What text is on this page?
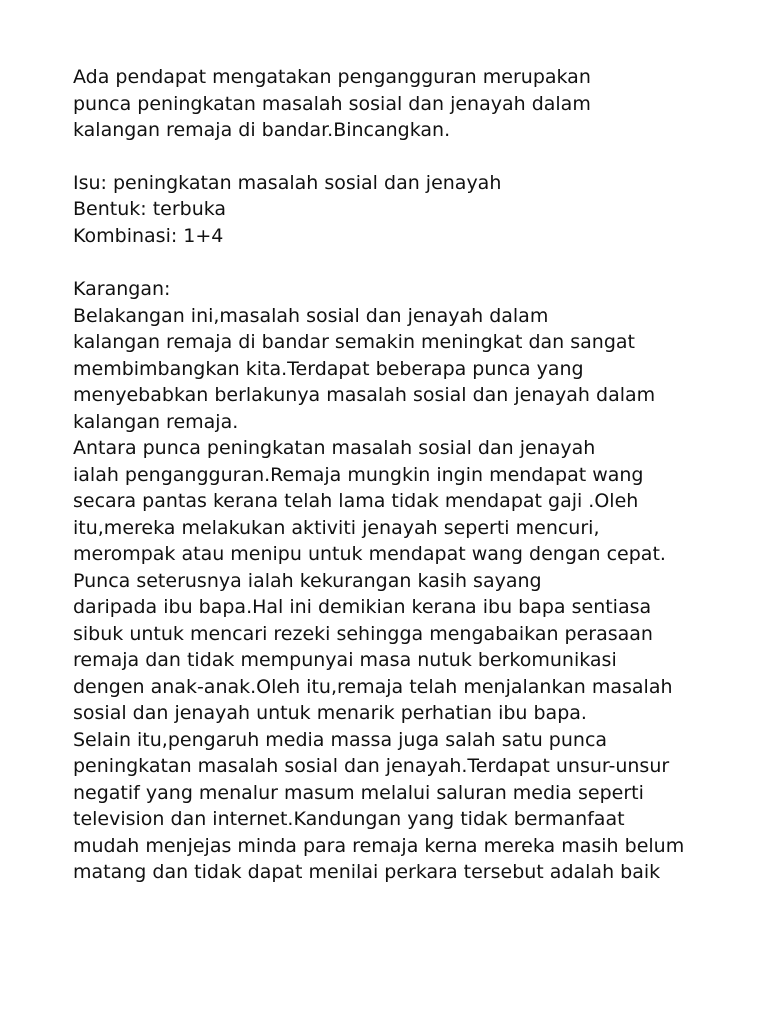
Ada pendapat mengatakan pengangguran merupakan
punca peningkatan masalah sosial dan jenayah dalam
kalangan remaja di bandar.Bincangkan.

Isu: peningkatan masalah sosial dan jenayah
Bentuk: terbuka
Kombinasi: 1+4

Karangan:

Belakangan ini,masalah sosial dan jenayah dalam
kalangan remaja di bandar semakin meningkat dan sangat
membimbangkan kita.Terdapat beberapa punca yang
menyebabkan berlakunya masalah sosial dan jenayah dalam
kalangan remaja.

Antara punca peningkatan masalah sosial dan jenayah
ialah pengangguran.Remaja mungkin ingin mendapat wang
secara pantas kerana telah lama tidak mendapat gaji .Oleh
itu,mereka melakukan aktiviti jenayah seperti mencuri,
merompak atau menipu untuk mendapat wang dengan cepat.

Punca seterusnya ialah kekurangan kasih sayang
daripada ibu bapa.Hal ini demikian kerana ibu bapa sentiasa
sibuk untuk mencari rezeki sehingga mengabaikan perasaan
remaja dan tidak mempunyai masa nutuk berkomunikasi
dengen anak-anak.Oleh itu,remaja telah menjalankan masalah
sosial dan jenayah untuk menarik perhatian ibu bapa.

Selain itu,pengaruh media massa juga salah satu punca
peningkatan masalah sosial dan jenayah.Terdapat unsur-unsur
negatif yang menalur masum melalui saluran media seperti
television dan internet.Kandungan yang tidak bermanfaat
mudah menjejas minda para remaja kerna mereka masih belum
matang dan tidak dapat menilai perkara tersebut adalah baik
